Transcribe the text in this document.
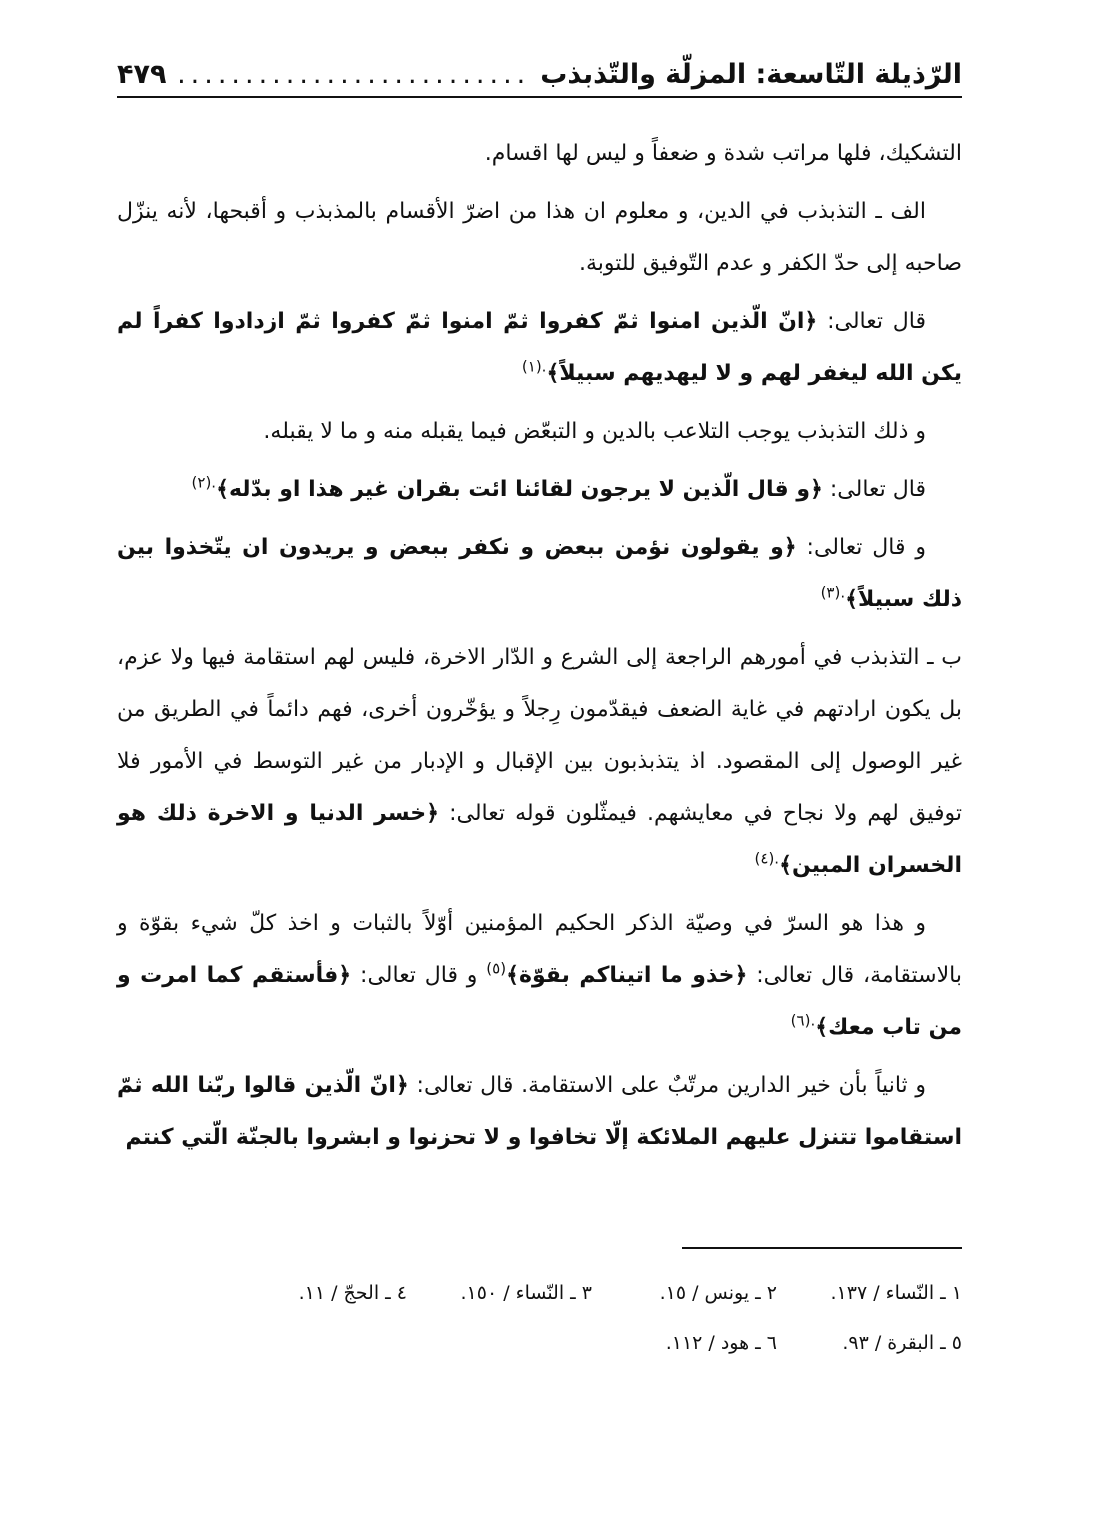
الرّذيلة التّاسعة: المزلّة والتّذبذب
.....
۴۷۹

التشكيك، فلها مراتب شدة و ضعفاً و ليس لها اقسام.

الف ـ التذبذب في الدين، و معلوم ان هذا من اضرّ الأقسام بالمذبذب و أقبحها، لأنه ينزّل صاحبه إلى حدّ الكفر و عدم التّوفيق للتوبة.

قال تعالى: ﴿انّ الّذين امنوا ثمّ كفروا ثمّ امنوا ثمّ كفروا ثمّ ازدادوا كفراً لم يكن الله ليغفر لهم و لا ليهديهم سبيلاً﴾$^{.(١)}$

و ذلك التذبذب يوجب التلاعب بالدين و التبعّض فيما يقبله منه و ما لا يقبله.

قال تعالى: ﴿و قال الّذين لا يرجون لقائنا ائت بقران غير هذا او بدّله﴾$^{.(٢)}$

و قال تعالى: ﴿و يقولون نؤمن ببعض و نكفر ببعض و يريدون ان يتّخذوا بين ذلك سبيلاً﴾$^{.(٣)}$

ب ـ التذبذب في أمورهم الراجعة إلى الشرع و الدّار الاخرة، فليس لهم استقامة فيها ولا عزم، بل يكون ارادتهم في غاية الضعف فيقدّمون رِجلاً و يؤخّرون أخرى، فهم دائماً في الطريق من غير الوصول إلى المقصود. اذ يتذبذبون بين الإقبال و الإدبار من غير التوسط في الأمور فلا توفيق لهم ولا نجاح في معايشهم. فيمثّلون قوله تعالى: ﴿خسر الدنيا و الاخرة ذلك هو الخسران المبين﴾$^{.(٤)}$

و هذا هو السرّ في وصيّة الذكر الحكيم المؤمنين أوّلاً بالثبات و اخذ كلّ شيء بقوّة و بالاستقامة، قال تعالى: ﴿خذو ما اتيناكم بقوّة﴾$^{(٥)}$ و قال تعالى: ﴿فأستقم كما امرت و من تاب معك﴾$^{.(٦)}$

و ثانياً بأن خير الدارين مرتّبٌ على الاستقامة. قال تعالى: ﴿انّ الّذين قالوا ربّنا الله ثمّ استقاموا تتنزل عليهم الملائكة إلّا تخافوا و لا تحزنوا و ابشروا بالجنّة الّتي كنتم

١ ـ النّساء / ١٣٧.
٢ ـ يونس / ١٥.
٣ ـ النّساء / ١٥٠.
٤ ـ الحجّ / ١١.
٥ ـ البقرة / ٩٣.
٦ ـ هود / ١١٢.
